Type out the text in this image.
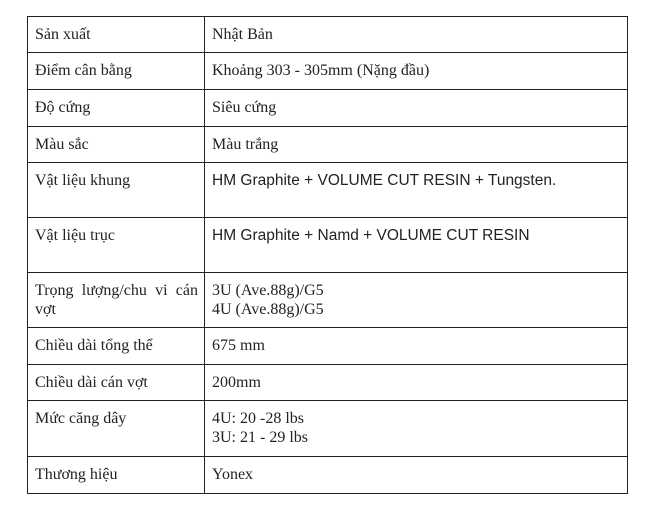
Sản xuất	Nhật Bản

Điểm cân bằng	Khoảng 303 - 305mm (Nặng đầu)

Độ cứng	Siêu cứng

Màu sắc	Màu trắng

Vật liệu khung	HM Graphite + VOLUME CUT RESIN + Tungsten.

Vật liệu trục	HM Graphite + Namd + VOLUME CUT RESIN

Trọng lượng/chu vi cán vợt	3U (Ave.88g)/G5
4U (Ave.88g)/G5

Chiều dài tổng thể	675 mm

Chiều dài cán vợt	200mm

Mức căng dây	4U: 20 -28 lbs
3U: 21 - 29 lbs

Thương hiệu	Yonex
